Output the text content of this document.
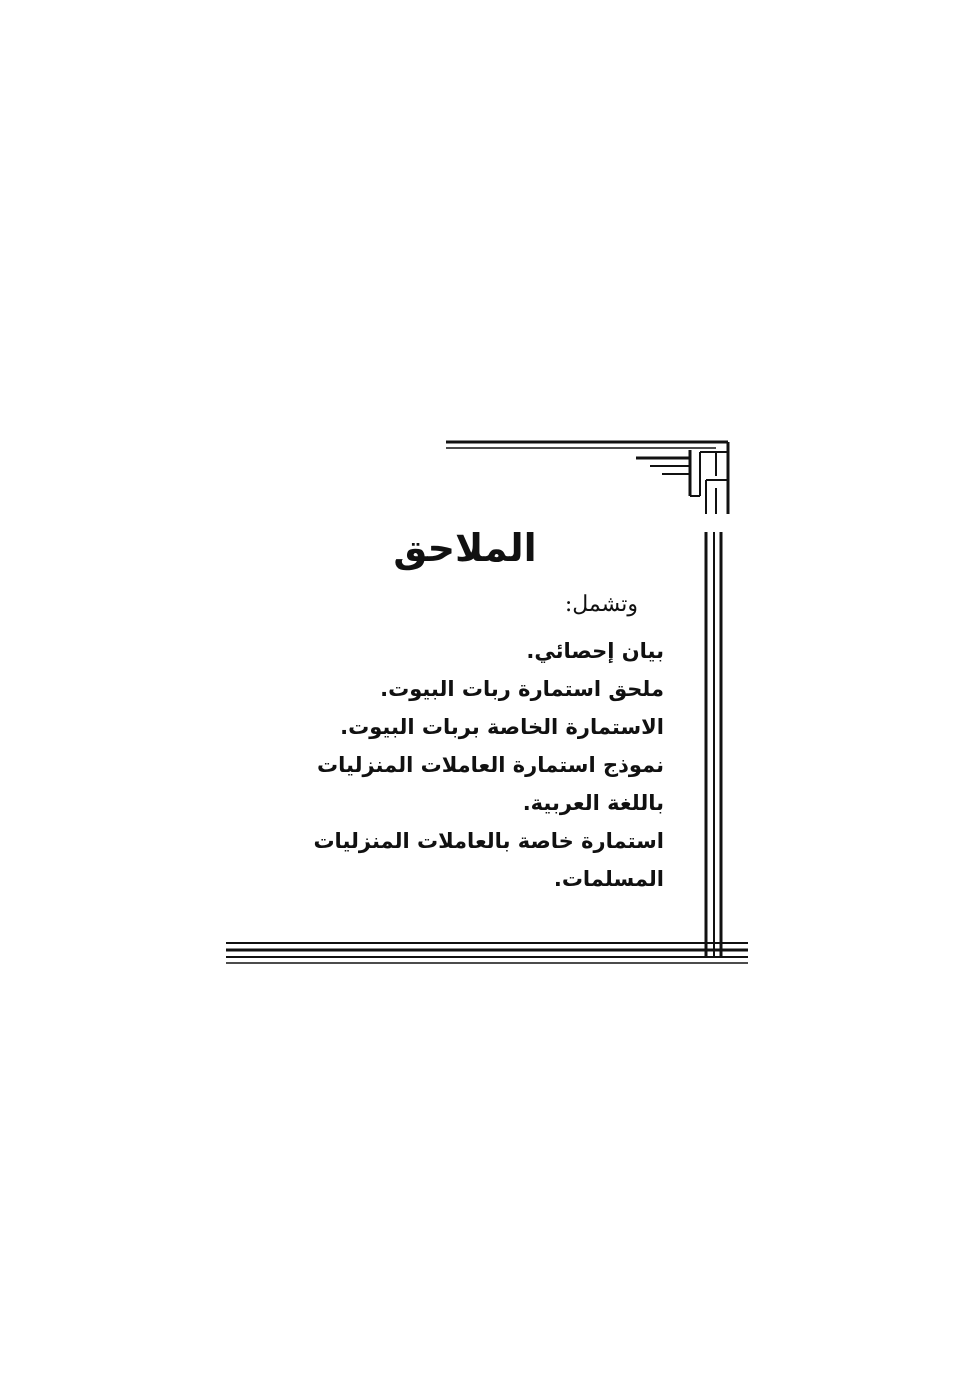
الملاحق
وتشمل:
بيان إحصائي.
ملحق استمارة ربات البيوت.
الاستمارة الخاصة بربات البيوت.
نموذج استمارة العاملات المنزليات باللغة العربية.
استمارة خاصة بالعاملات المنزليات المسلمات.
